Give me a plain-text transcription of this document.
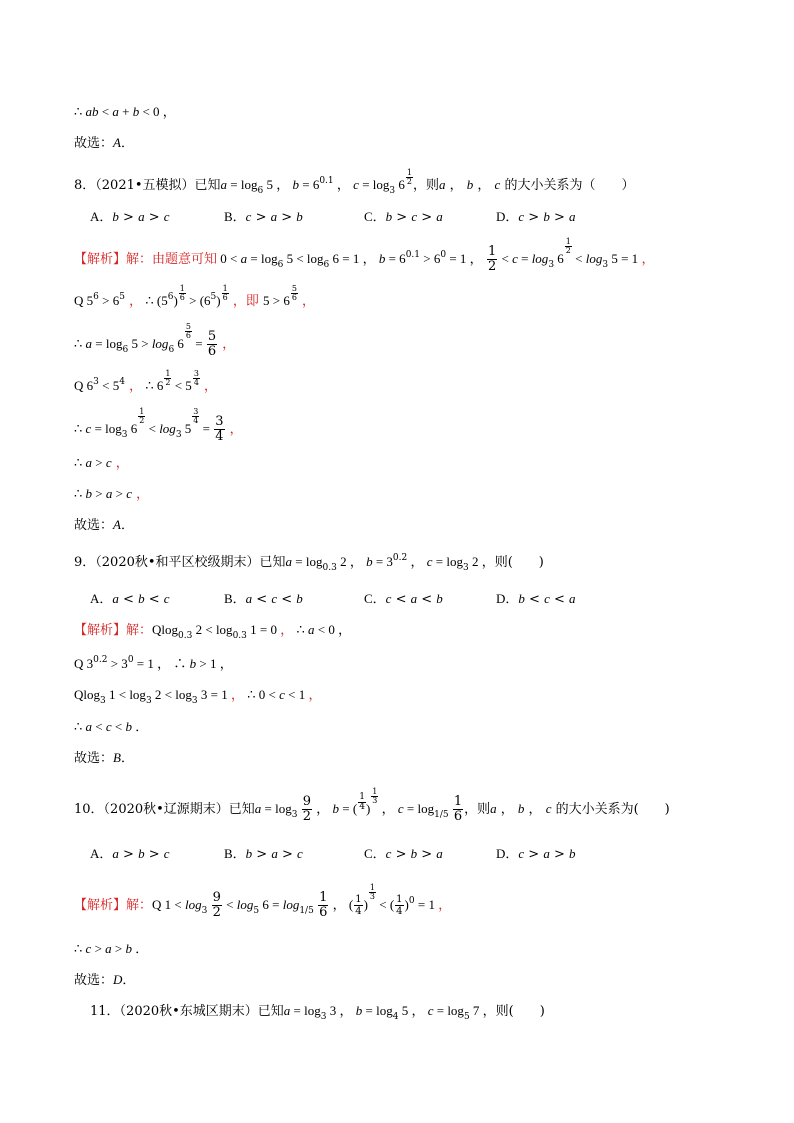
∴ ab < a + b < 0 ，
故选：A．
8．（2021•五模拟）已知$a = \log_6 5$ ， $b = 6^{0.1}$ ， $c = \log_3 6 \frac{1}{2}$ ，则a ， b ， c 的大小关系为（　　）
A．b > a > c	B．c > a > b	C．b > c > a	D．c > b > a
【解析】解：由题意可知 $0 < a = \log_6 5 < \log_6 6 = 1$ ， $b = 6^{0.1} > 6^0 = 1$ ， $\frac{1}{2} < c = \log_3 6$
$\frac{1}{2}$
< $\log_3 5 = 1$ ，
Q $5^6 > 6^5$ ， ∴ $(5^6) \frac{1}{6} > (6^5) \frac{1}{6}$ ，即 $5 > 6 \frac{5}{6}$ ，
∴ $a = \log_6 5 > \log_6 6$
$\frac{5}{6}$
= $\frac{5}{6}$ ，
Q $6^3 < 5^4$ ， ∴ $6 \frac{1}{2} < 5 \frac{3}{4}$ ，
∴ $c = \log_3 6$
$\frac{1}{2}$
< $\log_3 5$
$\frac{3}{4}$
= $\frac{3}{4}$ ，
∴ a > c ，
∴ b > a > c ，
故选：A．
9．（2020秋•和平区校级期末）已知$a = \log_{0.3} 2$ ， $b = 3^{0.2}$ ， $c = \log_3 2$ ，则(　　)
A．a < b < c	B．a < c < b	C．c < a < b	D．b < c < a
【解析】解：Qlog$_{0.3}$ $2 < \log_{0.3} 1 = 0$ ， ∴ a < 0 ，
Q $3^{0.2} > 3^0 = 1$ ， ∴ b > 1 ，
Qlog$_3$ $1 < \log_3 2 < \log_3 3 = 1$ ， ∴ 0 < c < 1 ，
∴ a < c < b ．
故选：B．
10．（2020秋•辽源期末）已知$a = \log_3 \frac{9}{2}$ ， b = ( $\frac{1}{4}$ )
$\frac{1}{3}$
， $c = \log_{1/5} \frac{1}{6}$ ，则a ， b ， c 的大小关系为(　　)
A．a > b > c	B．b > a > c	C．c > b > a	D．c > a > b
【解析】解：Q $1 < \log_3 \frac{9}{2} < \log_5 6 = \log_{1/5} \frac{1}{6}$ ， ( $\frac{1}{4}$ )
$\frac{1}{3}$
< ( $\frac{1}{4} )^0 = 1$ ，
∴ c > a > b ．
故选：D．
11．（2020秋•东城区期末）已知$a = \log_3 3$ ， $b = \log_4 5$ ， $c = \log_5 7$ ，则(　　)
